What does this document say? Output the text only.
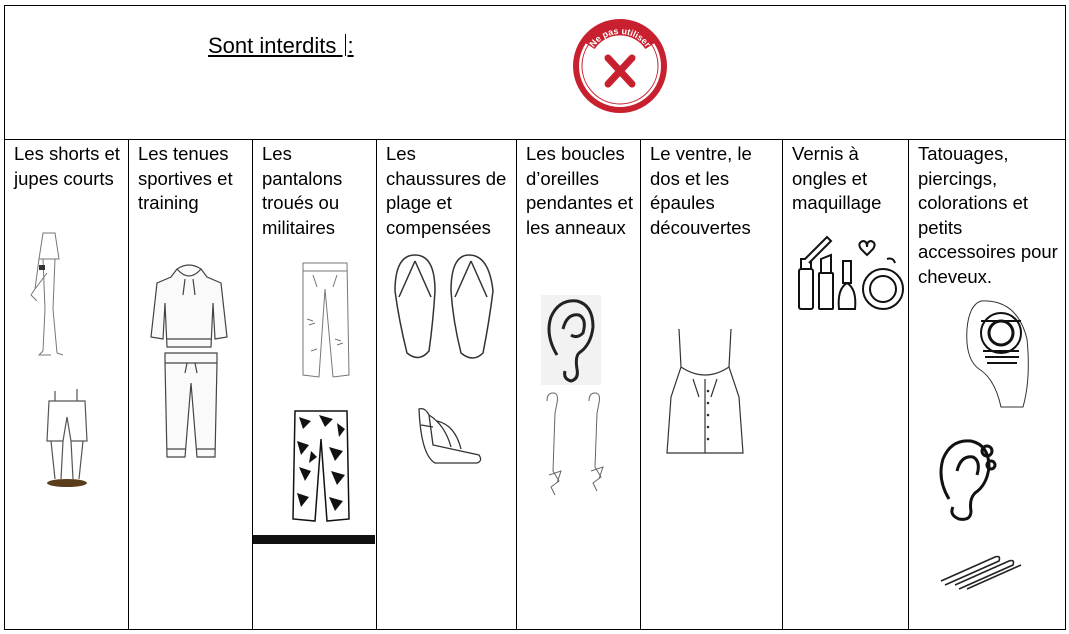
Sont interdits :	Ne pas utiliser
Les shorts et jupes courts
Les tenues sportives et training
Les pantalons troués ou militaires
Les chaussures de plage et compensées
Les boucles d’oreilles pendantes et les anneaux
Le ventre, le dos et les épaules découvertes
Vernis à ongles et maquillage
Tatouages, piercings, colorations et petits accessoires pour cheveux.
